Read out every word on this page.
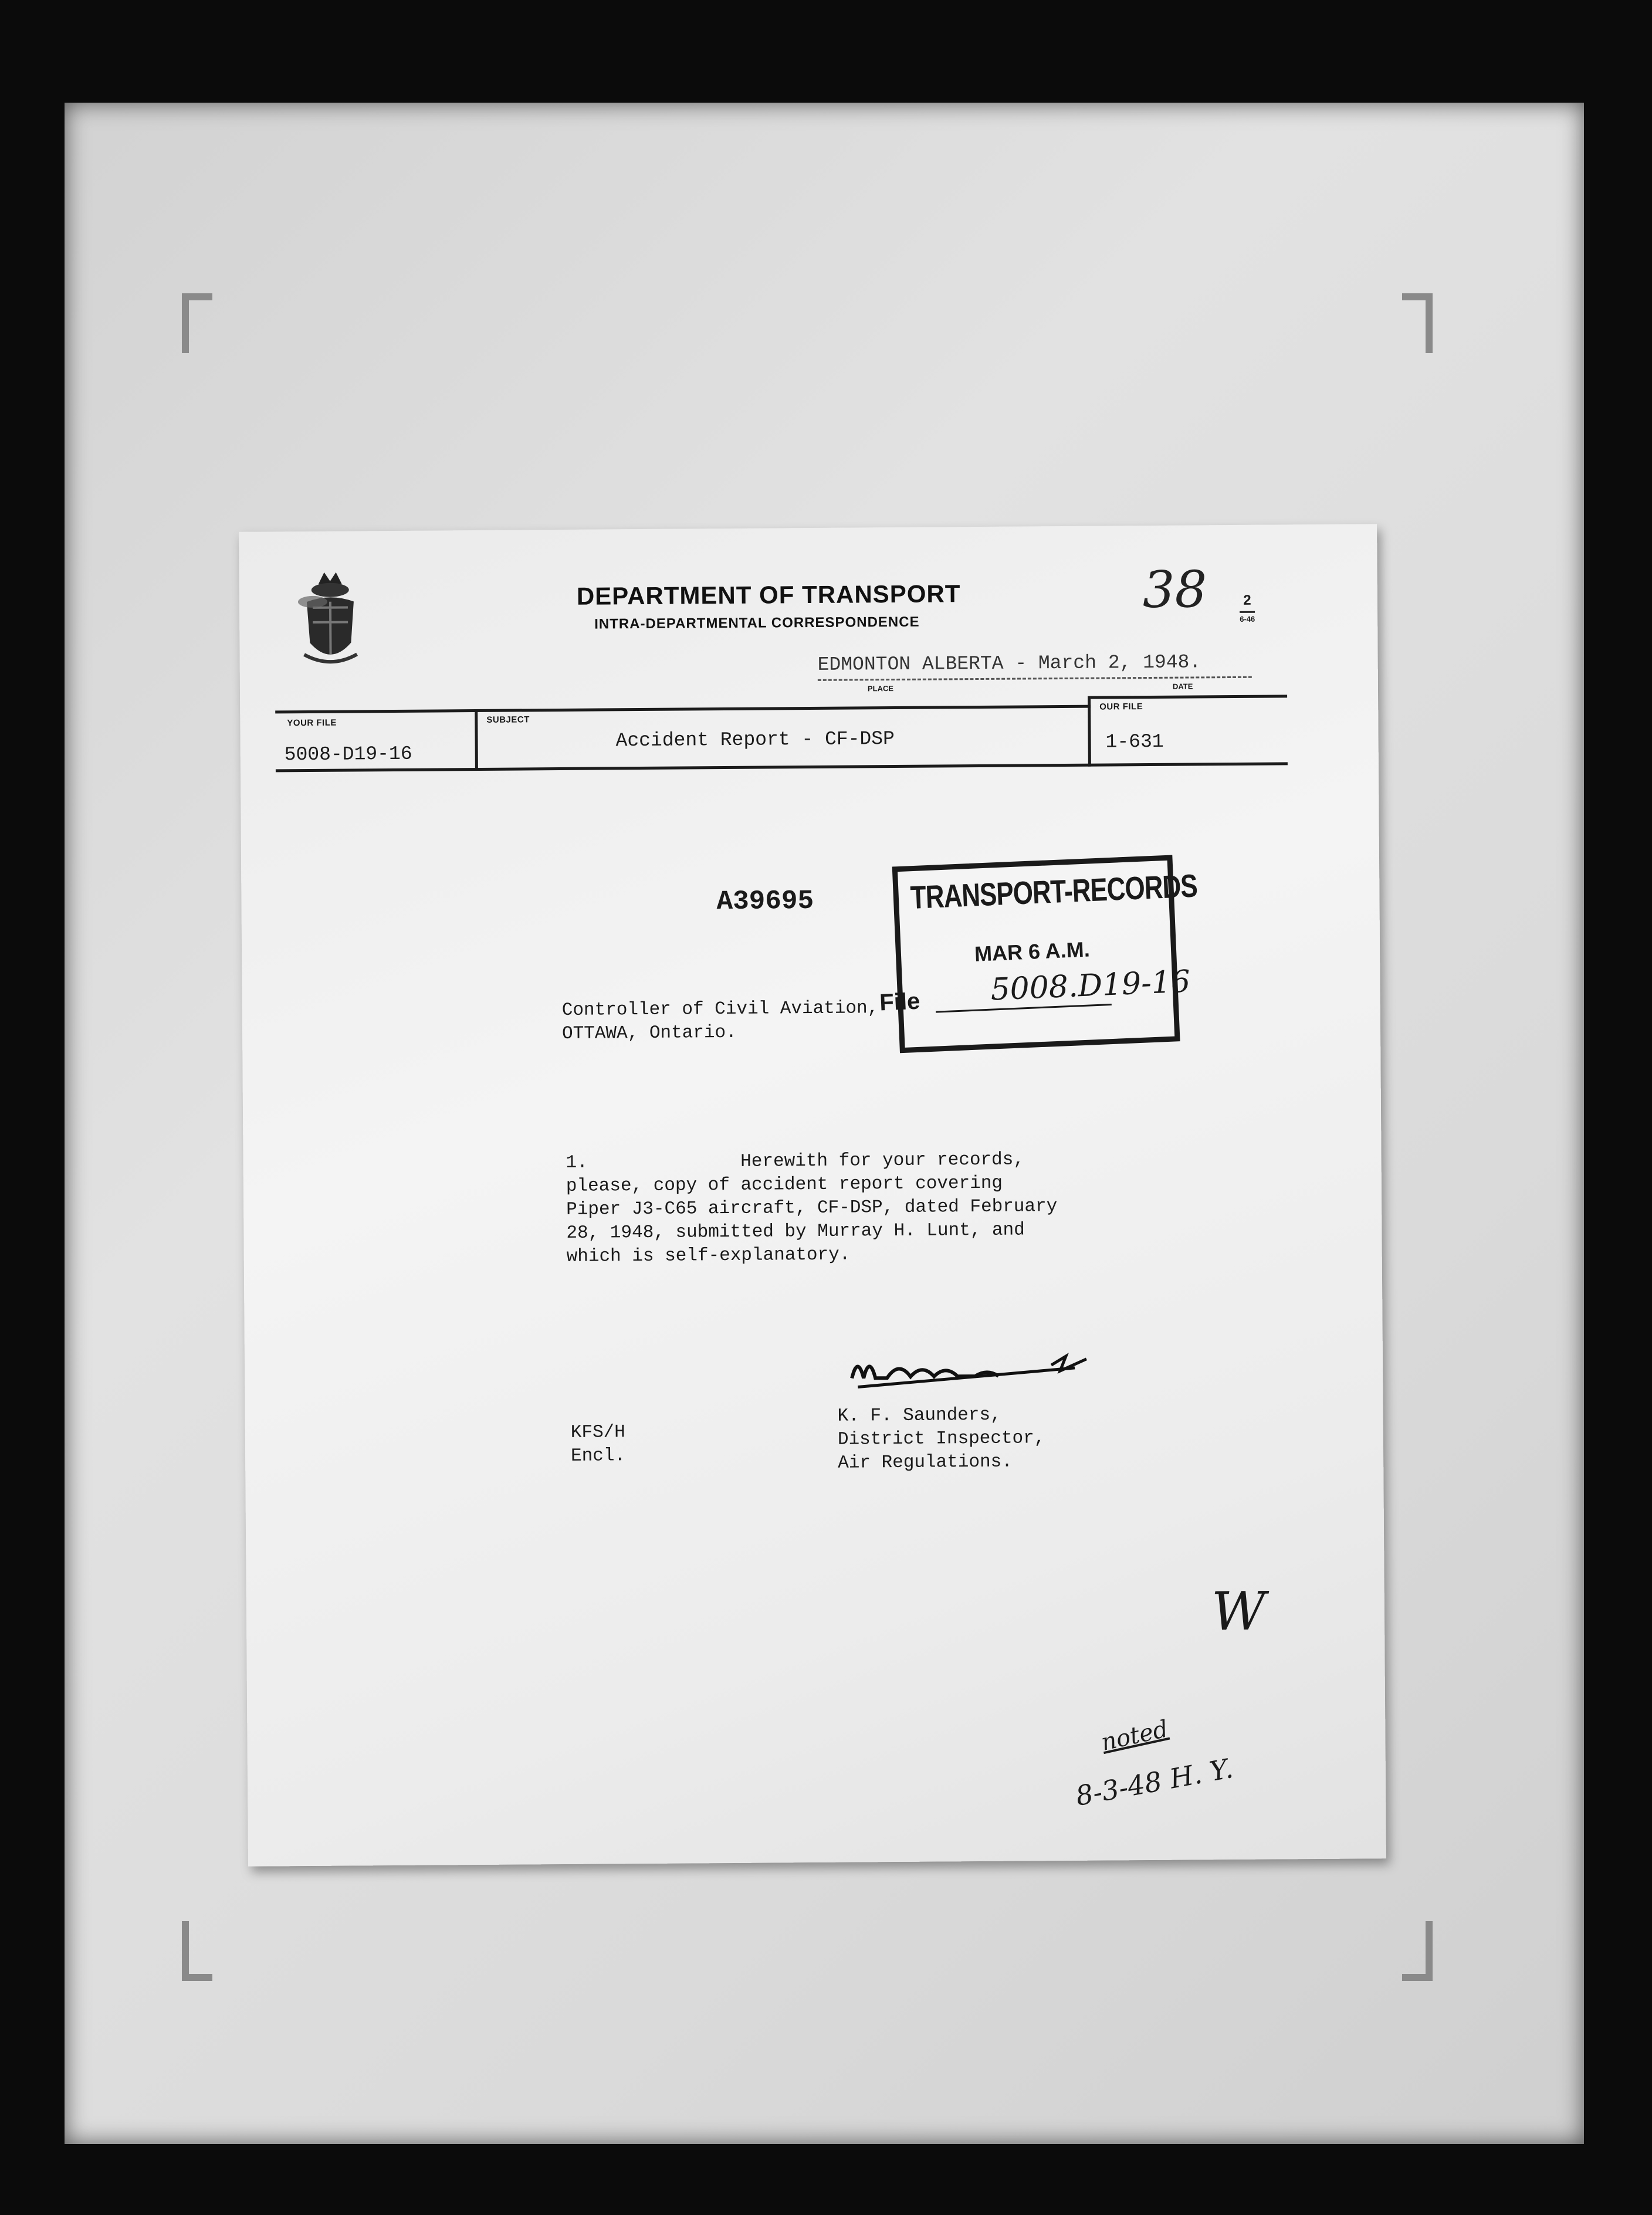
DEPARTMENT OF TRANSPORT
INTRA-DEPARTMENTAL CORRESPONDENCE
38	2
6-46
EDMONTON ALBERTA - March 2, 1948.
PLACE	DATE
YOUR FILE
5008-D19-16
SUBJECT
Accident Report - CF-DSP
OUR FILE
1-631
A39695	TRANSPORT-RECORDS
MAR 6 A.M.
File 5008.D19-16
Controller of Civil Aviation,
OTTAWA, Ontario.
1.              Herewith for your records,
please, copy of accident report covering
Piper J3-C65 aircraft, CF-DSP, dated February
28, 1948, submitted by Murray H. Lunt, and
which is self-explanatory.
K. F. Saunders,
District Inspector,
Air Regulations.
KFS/H
Encl.
W
noted
8-3-48 H. Y.
